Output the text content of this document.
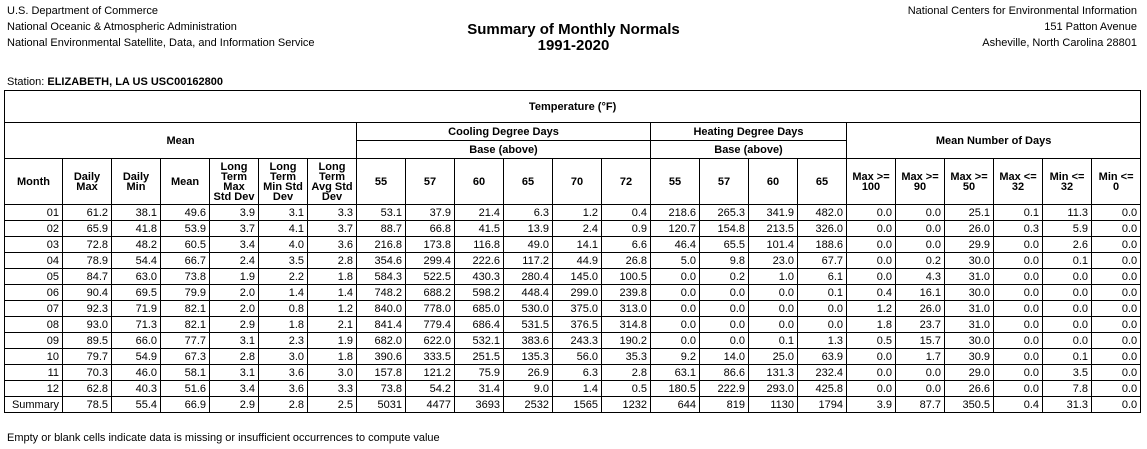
U.S. Department of Commerce
National Oceanic & Atmospheric Administration
National Environmental Satellite, Data, and Information Service
Summary of Monthly Normals
1991-2020
National Centers for Environmental Information
151 Patton Avenue
Asheville, North Carolina 28801
Station: ELIZABETH, LA US USC00162800
Temperature (°F)																						
Mean							Cooling Degree Days						Heating Degree Days				Mean Number of Days					
							Base (above)						Base (above)									
Month	Daily Max	Daily Min	Mean	Long Term Max Std Dev	Long Term Min Std Dev	Long Term Avg Std Dev	55	57	60	65	70	72	55	57	60	65	Max >= 100	Max >= 90	Max >= 50	Max <= 32	Min <= 32	Min <= 0
01	61.2	38.1	49.6	3.9	3.1	3.3	53.1	37.9	21.4	6.3	1.2	0.4	218.6	265.3	341.9	482.0	0.0	0.0	25.1	0.1	11.3	0.0
02	65.9	41.8	53.9	3.7	4.1	3.7	88.7	66.8	41.5	13.9	2.4	0.9	120.7	154.8	213.5	326.0	0.0	0.0	26.0	0.3	5.9	0.0
03	72.8	48.2	60.5	3.4	4.0	3.6	216.8	173.8	116.8	49.0	14.1	6.6	46.4	65.5	101.4	188.6	0.0	0.0	29.9	0.0	2.6	0.0
04	78.9	54.4	66.7	2.4	3.5	2.8	354.6	299.4	222.6	117.2	44.9	26.8	5.0	9.8	23.0	67.7	0.0	0.2	30.0	0.0	0.1	0.0
05	84.7	63.0	73.8	1.9	2.2	1.8	584.3	522.5	430.3	280.4	145.0	100.5	0.0	0.2	1.0	6.1	0.0	4.3	31.0	0.0	0.0	0.0
06	90.4	69.5	79.9	2.0	1.4	1.4	748.2	688.2	598.2	448.4	299.0	239.8	0.0	0.0	0.0	0.1	0.4	16.1	30.0	0.0	0.0	0.0
07	92.3	71.9	82.1	2.0	0.8	1.2	840.0	778.0	685.0	530.0	375.0	313.0	0.0	0.0	0.0	0.0	1.2	26.0	31.0	0.0	0.0	0.0
08	93.0	71.3	82.1	2.9	1.8	2.1	841.4	779.4	686.4	531.5	376.5	314.8	0.0	0.0	0.0	0.0	1.8	23.7	31.0	0.0	0.0	0.0
09	89.5	66.0	77.7	3.1	2.3	1.9	682.0	622.0	532.1	383.6	243.3	190.2	0.0	0.0	0.1	1.3	0.5	15.7	30.0	0.0	0.0	0.0
10	79.7	54.9	67.3	2.8	3.0	1.8	390.6	333.5	251.5	135.3	56.0	35.3	9.2	14.0	25.0	63.9	0.0	1.7	30.9	0.0	0.1	0.0
11	70.3	46.0	58.1	3.1	3.6	3.0	157.8	121.2	75.9	26.9	6.3	2.8	63.1	86.6	131.3	232.4	0.0	0.0	29.0	0.0	3.5	0.0
12	62.8	40.3	51.6	3.4	3.6	3.3	73.8	54.2	31.4	9.0	1.4	0.5	180.5	222.9	293.0	425.8	0.0	0.0	26.6	0.0	7.8	0.0
Summary	78.5	55.4	66.9	2.9	2.8	2.5	5031	4477	3693	2532	1565	1232	644	819	1130	1794	3.9	87.7	350.5	0.4	31.3	0.0
Empty or blank cells indicate data is missing or insufficient occurrences to compute value
